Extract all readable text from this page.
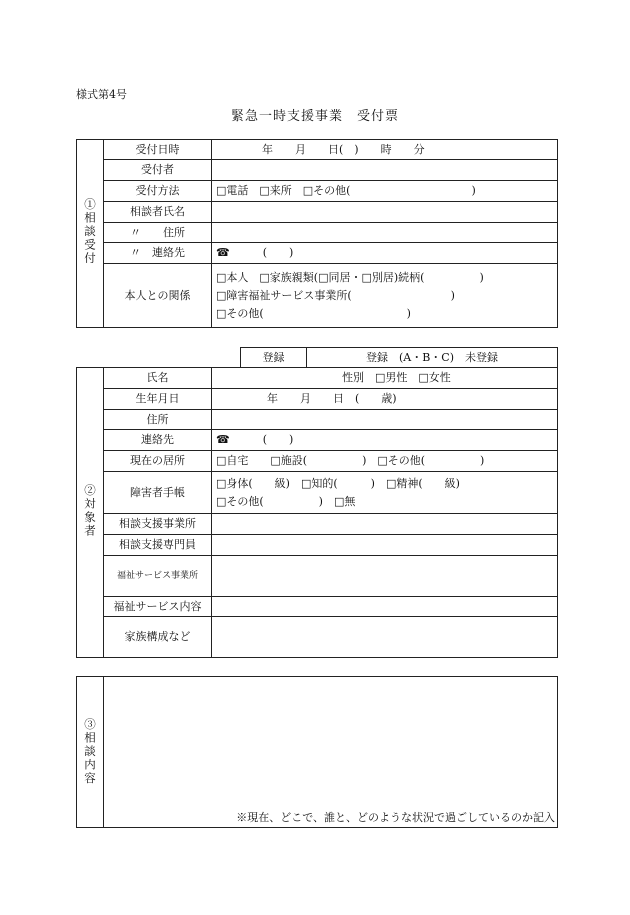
様式第4号
緊急一時支援事業　受付票
①相談受付	受付日時	年　　月　　日(　)　　時　　分
	受付者	
	受付方法	□電話　□来所　□その他(　　　　　　　　　　　)
	相談者氏名	
	〃　　住所	
	〃　連絡先	☎　　　(　　)
	本人との関係	□本人　□家族親類(□同居・□別居)続柄(　　　　　)
□障害福祉サービス事業所(　　　　　　　　　)
□その他(　　　　　　　　　　　　　)
登録	登録　(A・B・C)　未登録
②対象者	氏名	性別　□男性　□女性
	生年月日	年　　月　　日　(　　歳)
	住所	
	連絡先	☎　　　(　　)
	現在の居所	□自宅　　□施設(　　　　　)　□その他(　　　　　)
	障害者手帳	□身体(　　級)　□知的(　　　)　□精神(　　級)
□その他(　　　　　)　□無

	相談支援事業所	
	相談支援専門員	
	福祉サービス事業所	
	福祉サービス内容	
	家族構成など	
③相談内容
※現在、どこで、誰と、どのような状況で過ごしているのか記入
